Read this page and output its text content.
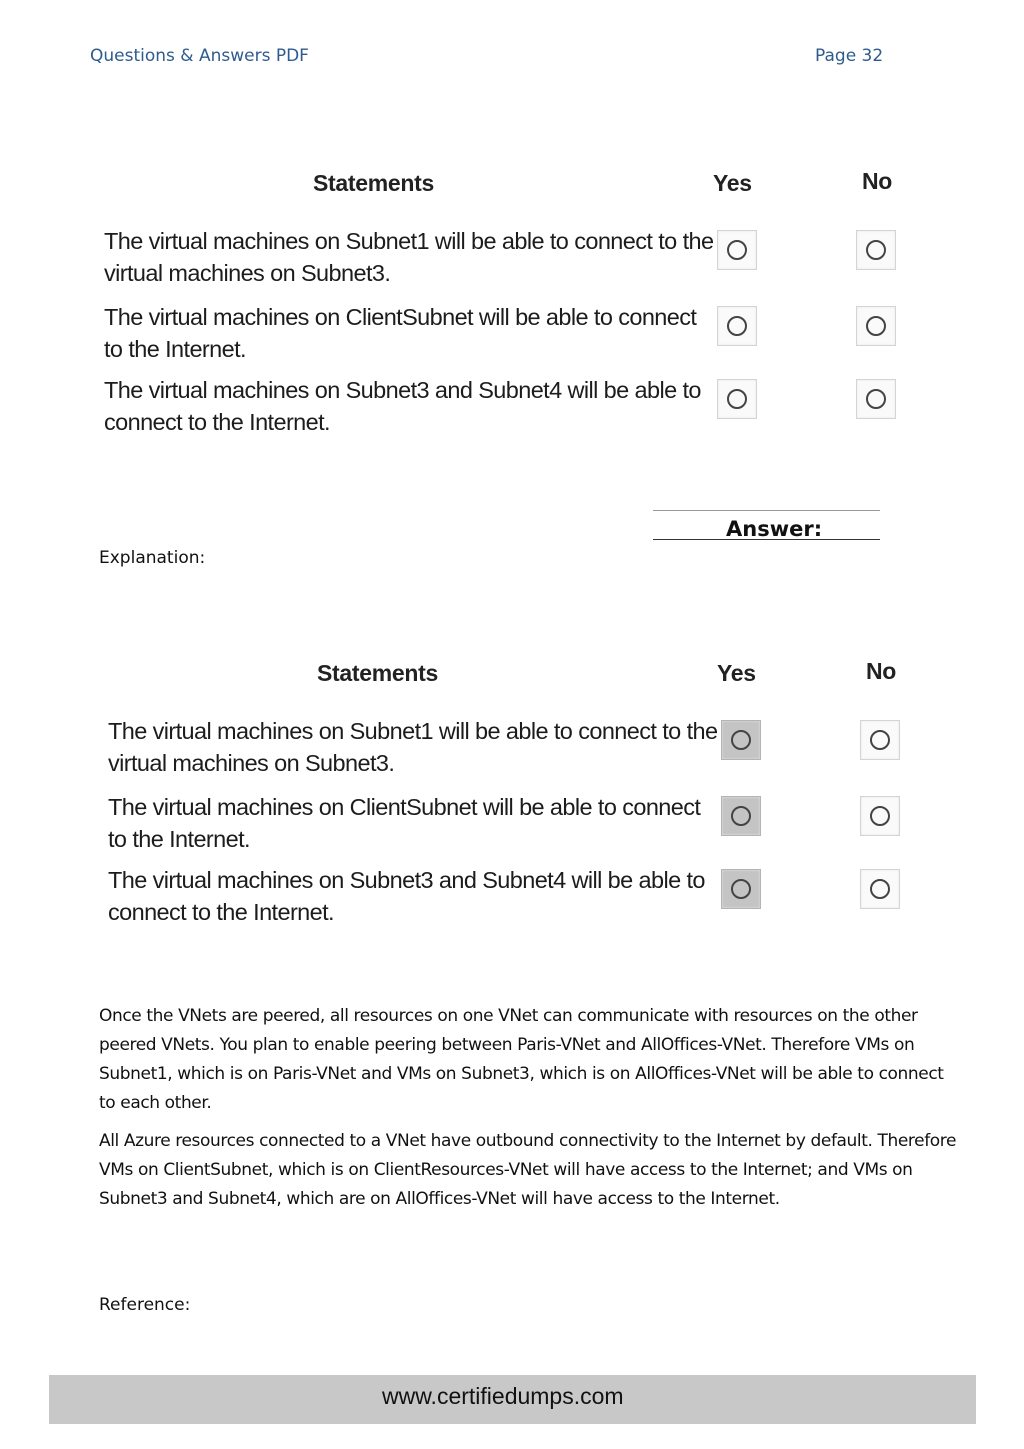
Questions & Answers PDF	Page 32
Statements	Yes	No
The virtual machines on Subnet1 will be able to connect to the virtual machines on Subnet3.
The virtual machines on ClientSubnet will be able to connect to the Internet.
The virtual machines on Subnet3 and Subnet4 will be able to connect to the Internet.
Answer:
Explanation:
Statements	Yes	No
The virtual machines on Subnet1 will be able to connect to the virtual machines on Subnet3.
The virtual machines on ClientSubnet will be able to connect to the Internet.
The virtual machines on Subnet3 and Subnet4 will be able to connect to the Internet.
Once the VNets are peered, all resources on one VNet can communicate with resources on the other peered VNets. You plan to enable peering between Paris-VNet and AllOffices-VNet. Therefore VMs on Subnet1, which is on Paris-VNet and VMs on Subnet3, which is on AllOffices-VNet will be able to connect to each other.
All Azure resources connected to a VNet have outbound connectivity to the Internet by default. Therefore VMs on ClientSubnet, which is on ClientResources-VNet will have access to the Internet; and VMs on Subnet3 and Subnet4, which are on AllOffices-VNet will have access to the Internet.
Reference:
www.certifiedumps.com
